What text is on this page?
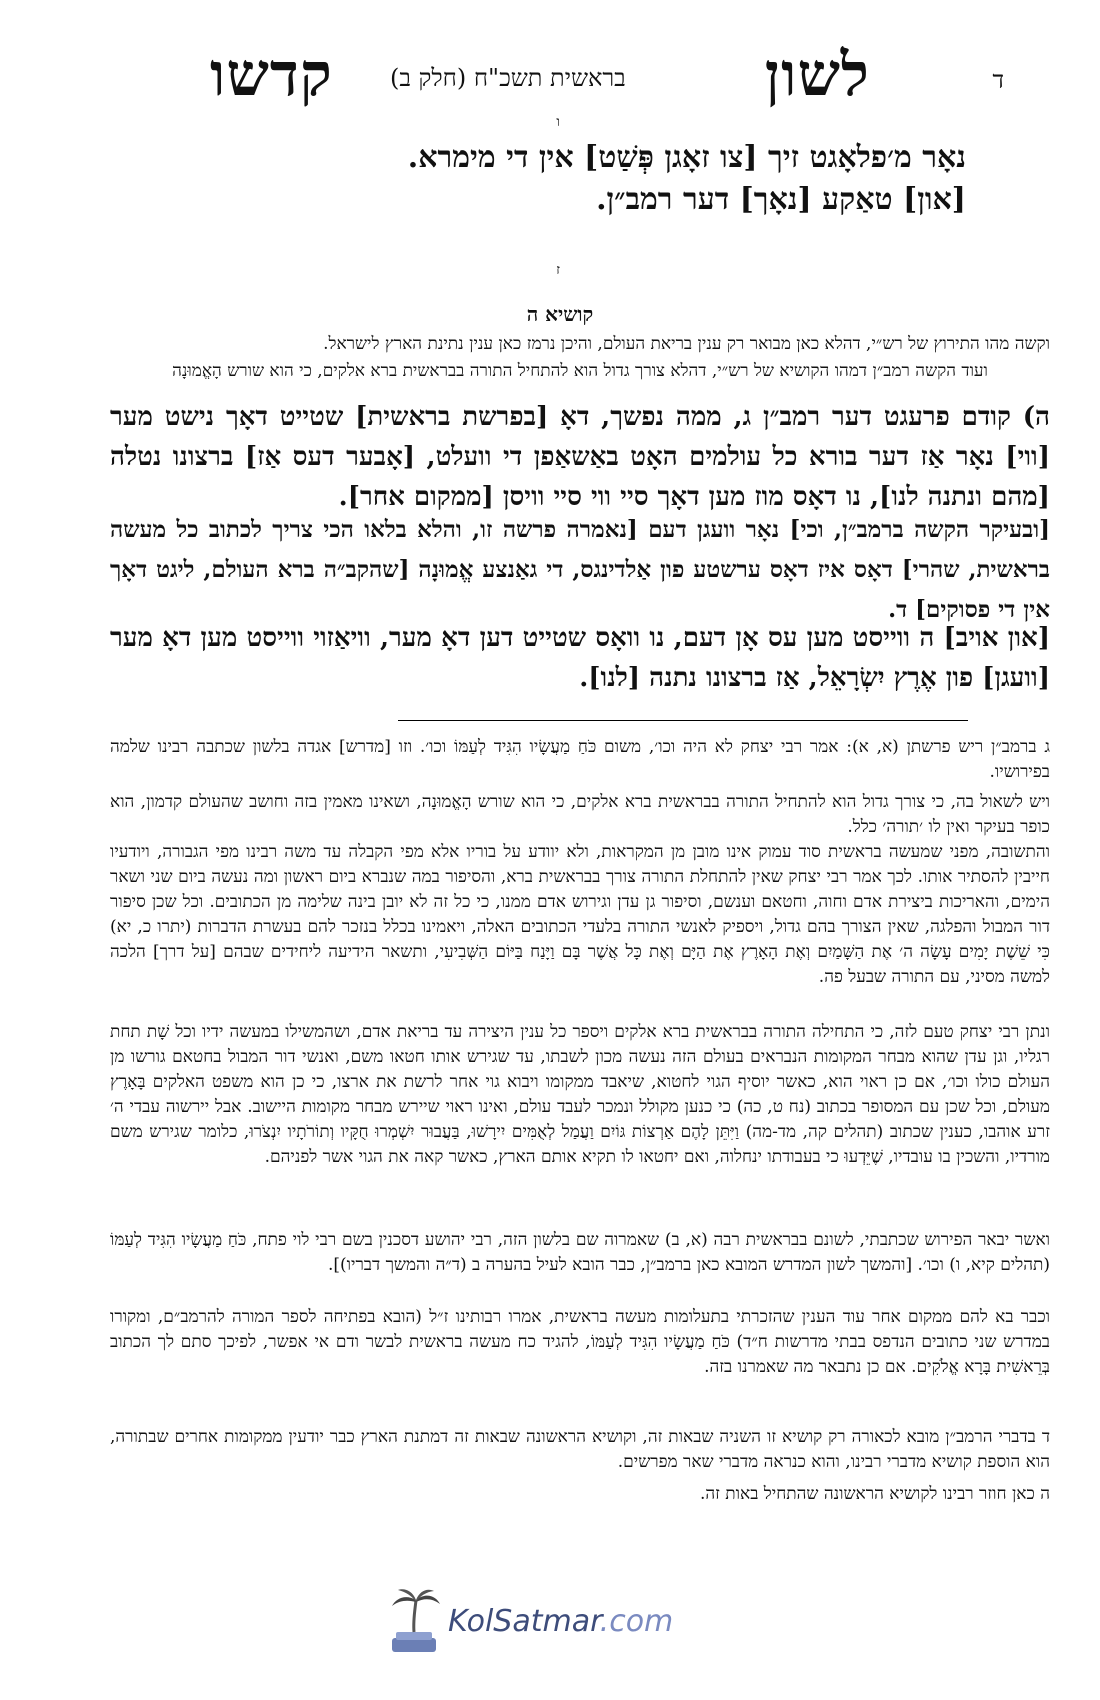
ד
לשון
בראשית תשכ"ח (חלק ב)
קדשו
ו
נאָר מ׳פלאָגט זיך [צו זאָגן פְּשַׁט] אין די מימרא.
[און] טאַקע [נאָך] דער רמב״ן.
ז
קושיא ה
וקשה מהו התירוץ של רש״י, דהלא כאן מבואר רק ענין בריאת העולם, והיכן נרמז כאן ענין נתינת הארץ לישראל.
ועוד הקשה רמב״ן דמהו הקושיא של רש״י, דהלא צורך גדול הוא להתחיל התורה בבראשית ברא אלקים, כי הוא שורש הָאֱמוּנָה
ה) קודם פרעגט דער רמב״ן ג, ממה נפשך, דאָ [בפרשת בראשית] שטייט דאָך נישט מער [ווי] נאָר אַז דער בורא כל עולמים האָט באַשאַפן די וועלט, [אָבער דעס אַז] ברצונו נטלה [מהם ונתנה לנו], נו דאָס מוז מען דאָך סיי ווי סיי וויסן [ממקום אחר].
[ובעיקר הקשה ברמב״ן, וכי] נאָר וועגן דעם [נאמרה פרשה זו, והלא בלאו הכי צריך לכתוב כל מעשה בראשית, שהרי] דאָס איז דאָס ערשטע פון אַלדינגס, די גאַנצע אֱמוּנָה [שהקב״ה ברא העולם, ליגט דאָך אין די פסוקים] ד.
[און אויב] ה ווייסט מען עס אָן דעם, נו וואָס שטייט דען דאָ מער, וויאַזוי ווייסט מען דאָ מער [וועגן] פון אֶרֶץ יִשְׂרָאֵל, אַז ברצונו נתנה [לנו].
ג ברמב״ן ריש פרשתן (א, א): אמר רבי יצחק לא היה וכו׳, משום כֹּחַ מַעֲשָׂיו הִגִּיד לְעַמּוֹ וכו׳. וזו [מדרש] אגדה בלשון שכתבה רבינו שלמה בפירושיו.
ויש לשאול בה, כי צורך גדול הוא להתחיל התורה בבראשית ברא אלקים, כי הוא שורש הָאֱמוּנָה, ושאינו מאמין בזה וחושב שהעולם קדמון, הוא כופר בעיקר ואין לו ׳תורה׳ כלל.
והתשובה, מפני שמעשה בראשית סוד עמוק אינו מובן מן המקראות, ולא יוודע על בוריו אלא מפי הקבלה עד משה רבינו מפי הגבורה, ויודעיו חייבין להסתיר אותו. לכך אמר רבי יצחק שאין להתחלת התורה צורך בבראשית ברא, והסיפור במה שנברא ביום ראשון ומה נעשה ביום שני ושאר הימים, והאריכות ביצירת אדם וחוה, וחטאם וענשם, וסיפור גן עדן וגירוש אדם ממנו, כי כל זה לא יובן בינה שלימה מן הכתובים. וכל שכן סיפור דור המבול והפלגה, שאין הצורך בהם גדול, ויספיק לאנשי התורה בלעדי הכתובים האלה, ויאמינו בכלל בנזכר להם בעשרת הדברות (יתרו כ, יא) כִּי שֵׁשֶׁת יָמִים עָשָׂה ה׳ אֶת הַשָּׁמַיִם וְאֶת הָאָרֶץ אֶת הַיָּם וְאֶת כָּל אֲשֶׁר בָּם וַיָּנַח בַּיּוֹם הַשְּׁבִיעִי, ותשאר הידיעה ליחידים שבהם [על דרך] הלכה למשה מסיני, עם התורה שבעל פה.
ונתן רבי יצחק טעם לזה, כי התחילה התורה בבראשית ברא אלקים ויספר כל ענין היצירה עד בריאת אדם, ושהמשילו במעשה ידיו וכל שָׁת תחת רגליו, וגן עדן שהוא מבחר המקומות הנבראים בעולם הזה נעשה מכון לשבתו, עד שגירש אותו חטאו משם, ואנשי דור המבול בחטאם גורשו מן העולם כולו וכו׳, אם כן ראוי הוא, כאשר יוסיף הגוי לחטוא, שיאבד ממקומו ויבוא גוי אחר לרשת את ארצו, כי כן הוא משפט האלקים בָּאָרֶץ מעולם, וכל שכן עם המסופר בכתוב (נח ט, כה) כי כנען מקולל ונמכר לעבד עולם, ואינו ראוי שיירש מבחר מקומות היישוב. אבל יירשוה עבדי ה׳ זרע אוהבו, כענין שכתוב (תהלים קה, מד-מה) וַיִּתֵּן לָהֶם אַרְצוֹת גּוֹיִם וַעֲמַל לְאֻמִּים יִירָשׁוּ, בַּעֲבוּר יִשְׁמְרוּ חֻקָּיו וְתוֹרֹתָיו יִנְצֹרוּ, כלומר שגירש משם מורדיו, והשכין בו עובדיו, שֶׁיֵּדְעוּ כי בעבודתו ינחלוה, ואם יחטאו לו תקיא אותם הארץ, כאשר קאה את הגוי אשר לפניהם.
ואשר יבאר הפירוש שכתבתי, לשונם בבראשית רבה (א, ב) שאמרוה שם בלשון הזה, רבי יהושע דסכנין בשם רבי לוי פתח, כֹּחַ מַעֲשָׂיו הִגִּיד לְעַמּוֹ (תהלים קיא, ו) וכו׳. [והמשך לשון המדרש המובא כאן ברמב״ן, כבר הובא לעיל בהערה ב (ד״ה והמשך דבריו)].
וכבר בא להם ממקום אחר עוד הענין שהזכרתי בתעלומות מעשה בראשית, אמרו רבותינו ז״ל (הובא בפתיחה לספר המורה להרמב״ם, ומקורו במדרש שני כתובים הנדפס בבתי מדרשות ח״ד) כֹּחַ מַעֲשָׂיו הִגִּיד לְעַמּוֹ, להגיד כח מעשה בראשית לבשר ודם אי אפשר, לפיכך סתם לך הכתוב בְּרֵאשִׁית בָּרָא אֱלֹקִים. אם כן נתבאר מה שאמרנו בזה.
ד בדברי הרמב״ן מובא לכאורה רק קושיא זו השניה שבאות זה, וקושיא הראשונה שבאות זה דמתנת הארץ כבר יודעין ממקומות אחרים שבתורה, הוא הוספת קושיא מדברי רבינו, והוא כנראה מדברי שאר מפרשים.
ה כאן חוזר רבינו לקושיא הראשונה שהתחיל באות זה.
KolSatmar.com
